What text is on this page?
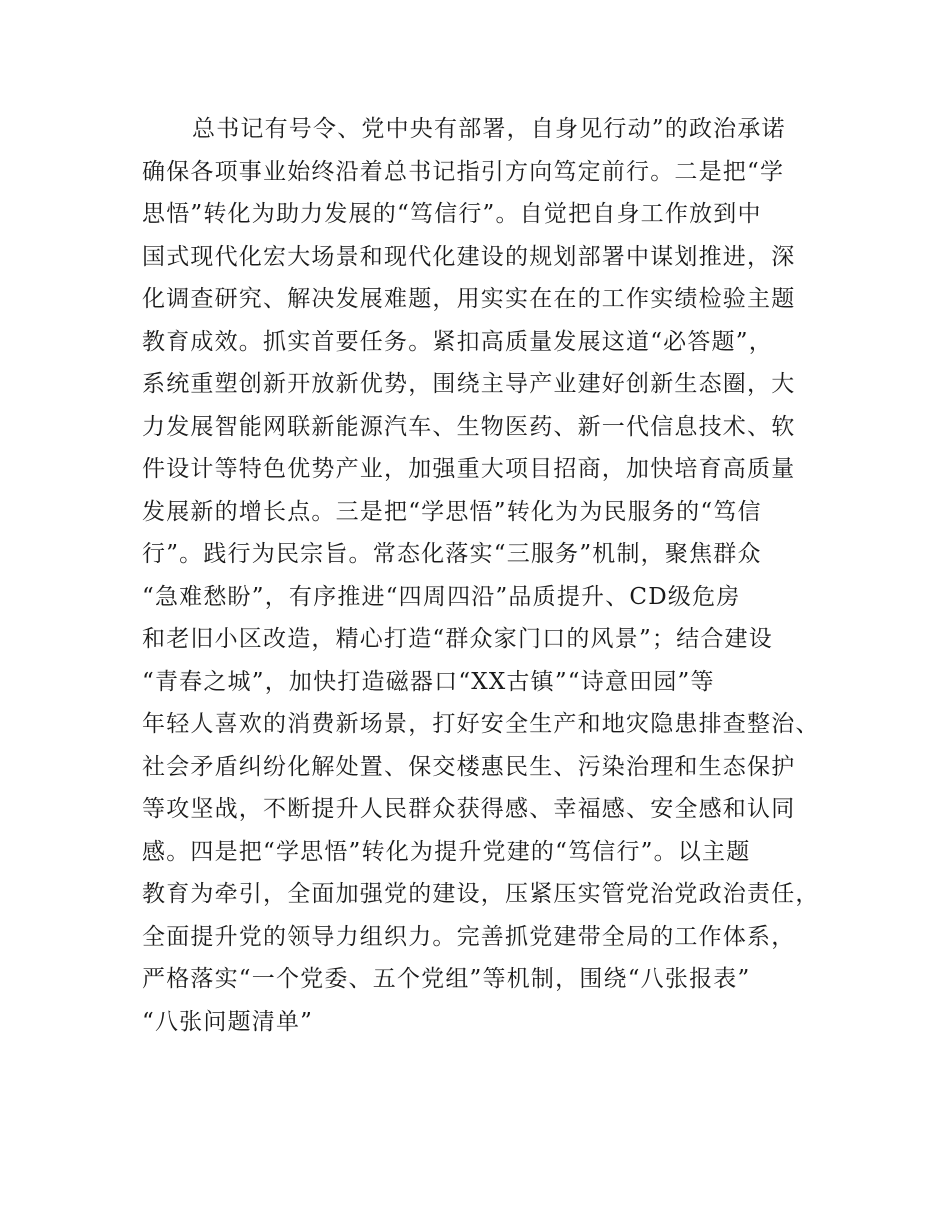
总书记有号令、党中央有部署，自身见行动”的政治承诺
确保各项事业始终沿着总书记指引方向笃定前行。二是把“学
思悟”转化为助力发展的“笃信行”。自觉把自身工作放到中
国式现代化宏大场景和现代化建设的规划部署中谋划推进，深
化调查研究、解决发展难题，用实实在在的工作实绩检验主题
教育成效。抓实首要任务。紧扣高质量发展这道“必答题”，
系统重塑创新开放新优势，围绕主导产业建好创新生态圈，大
力发展智能网联新能源汽车、生物医药、新一代信息技术、软
件设计等特色优势产业，加强重大项目招商，加快培育高质量
发展新的增长点。三是把“学思悟”转化为为民服务的“笃信
行”。践行为民宗旨。常态化落实“三服务”机制，聚焦群众
“急难愁盼”，有序推进“四周四沿”品质提升、CD级危房
和老旧小区改造，精心打造“群众家门口的风景”；结合建设
“青春之城”，加快打造磁器口“XX古镇”“诗意田园”等
年轻人喜欢的消费新场景，打好安全生产和地灾隐患排查整治、
社会矛盾纠纷化解处置、保交楼惠民生、污染治理和生态保护
等攻坚战，不断提升人民群众获得感、幸福感、安全感和认同
感。四是把“学思悟”转化为提升党建的“笃信行”。以主题
教育为牵引，全面加强党的建设，压紧压实管党治党政治责任，
全面提升党的领导力组织力。完善抓党建带全局的工作体系，
严格落实“一个党委、五个党组”等机制，围绕“八张报表”
“八张问题清单”
